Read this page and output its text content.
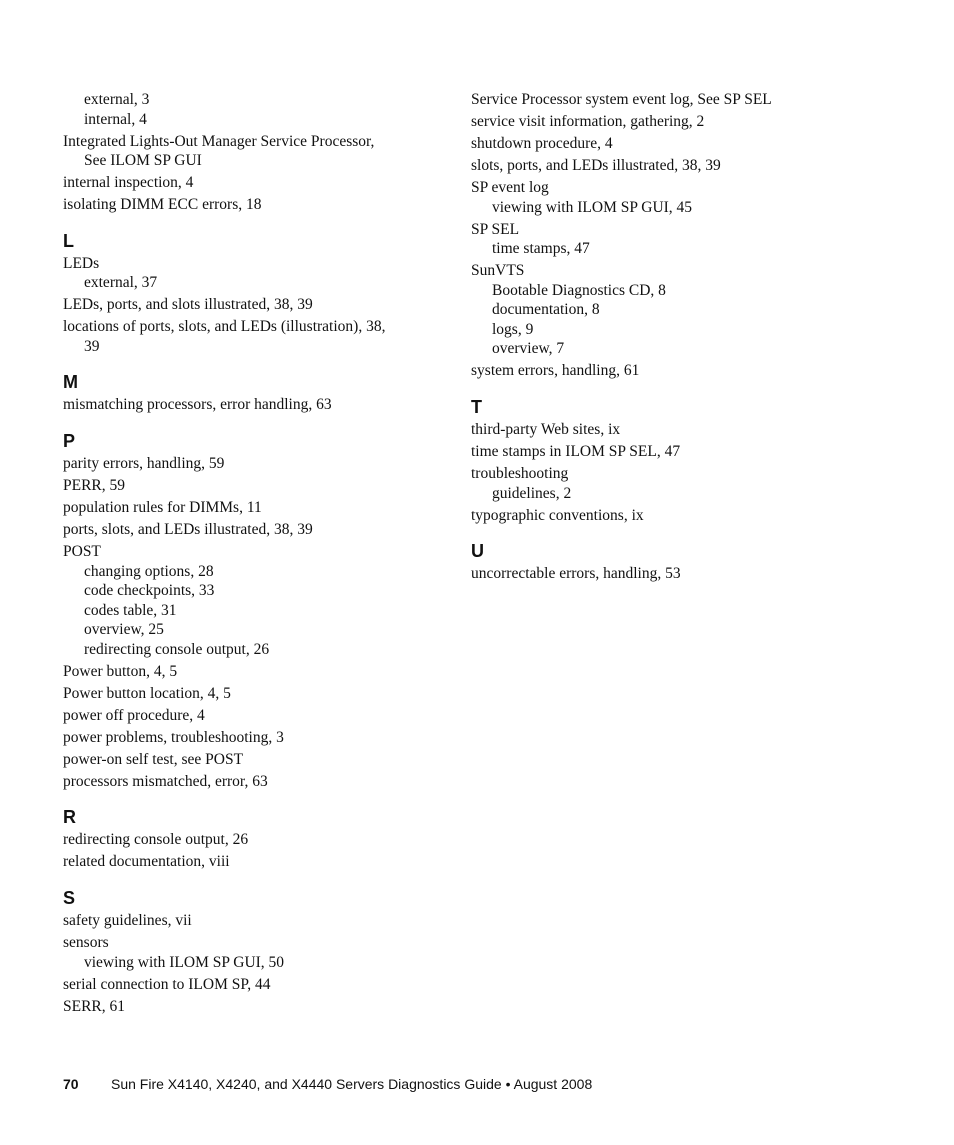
external, 3
internal, 4
Integrated Lights-Out Manager Service Processor,
See ILOM SP GUI
internal inspection, 4
isolating DIMM ECC errors, 18
L
LEDs
external, 37
LEDs, ports, and slots illustrated, 38, 39
locations of ports, slots, and LEDs (illustration), 38,
39
M
mismatching processors, error handling, 63
P
parity errors, handling, 59
PERR, 59
population rules for DIMMs, 11
ports, slots, and LEDs illustrated, 38, 39
POST
changing options, 28
code checkpoints, 33
codes table, 31
overview, 25
redirecting console output, 26
Power button, 4, 5
Power button location, 4, 5
power off procedure, 4
power problems, troubleshooting, 3
power-on self test, see POST
processors mismatched, error, 63
R
redirecting console output, 26
related documentation, viii
S
safety guidelines, vii
sensors
viewing with ILOM SP GUI, 50
serial connection to ILOM SP, 44
SERR, 61
Service Processor system event log, See SP SEL
service visit information, gathering, 2
shutdown procedure, 4
slots, ports, and LEDs illustrated, 38, 39
SP event log
viewing with ILOM SP GUI, 45
SP SEL
time stamps, 47
SunVTS
Bootable Diagnostics CD, 8
documentation, 8
logs, 9
overview, 7
system errors, handling, 61
T
third-party Web sites, ix
time stamps in ILOM SP SEL, 47
troubleshooting
guidelines, 2
typographic conventions, ix
U
uncorrectable errors, handling, 53
70 Sun Fire X4140, X4240, and X4440 Servers Diagnostics Guide • August 2008
